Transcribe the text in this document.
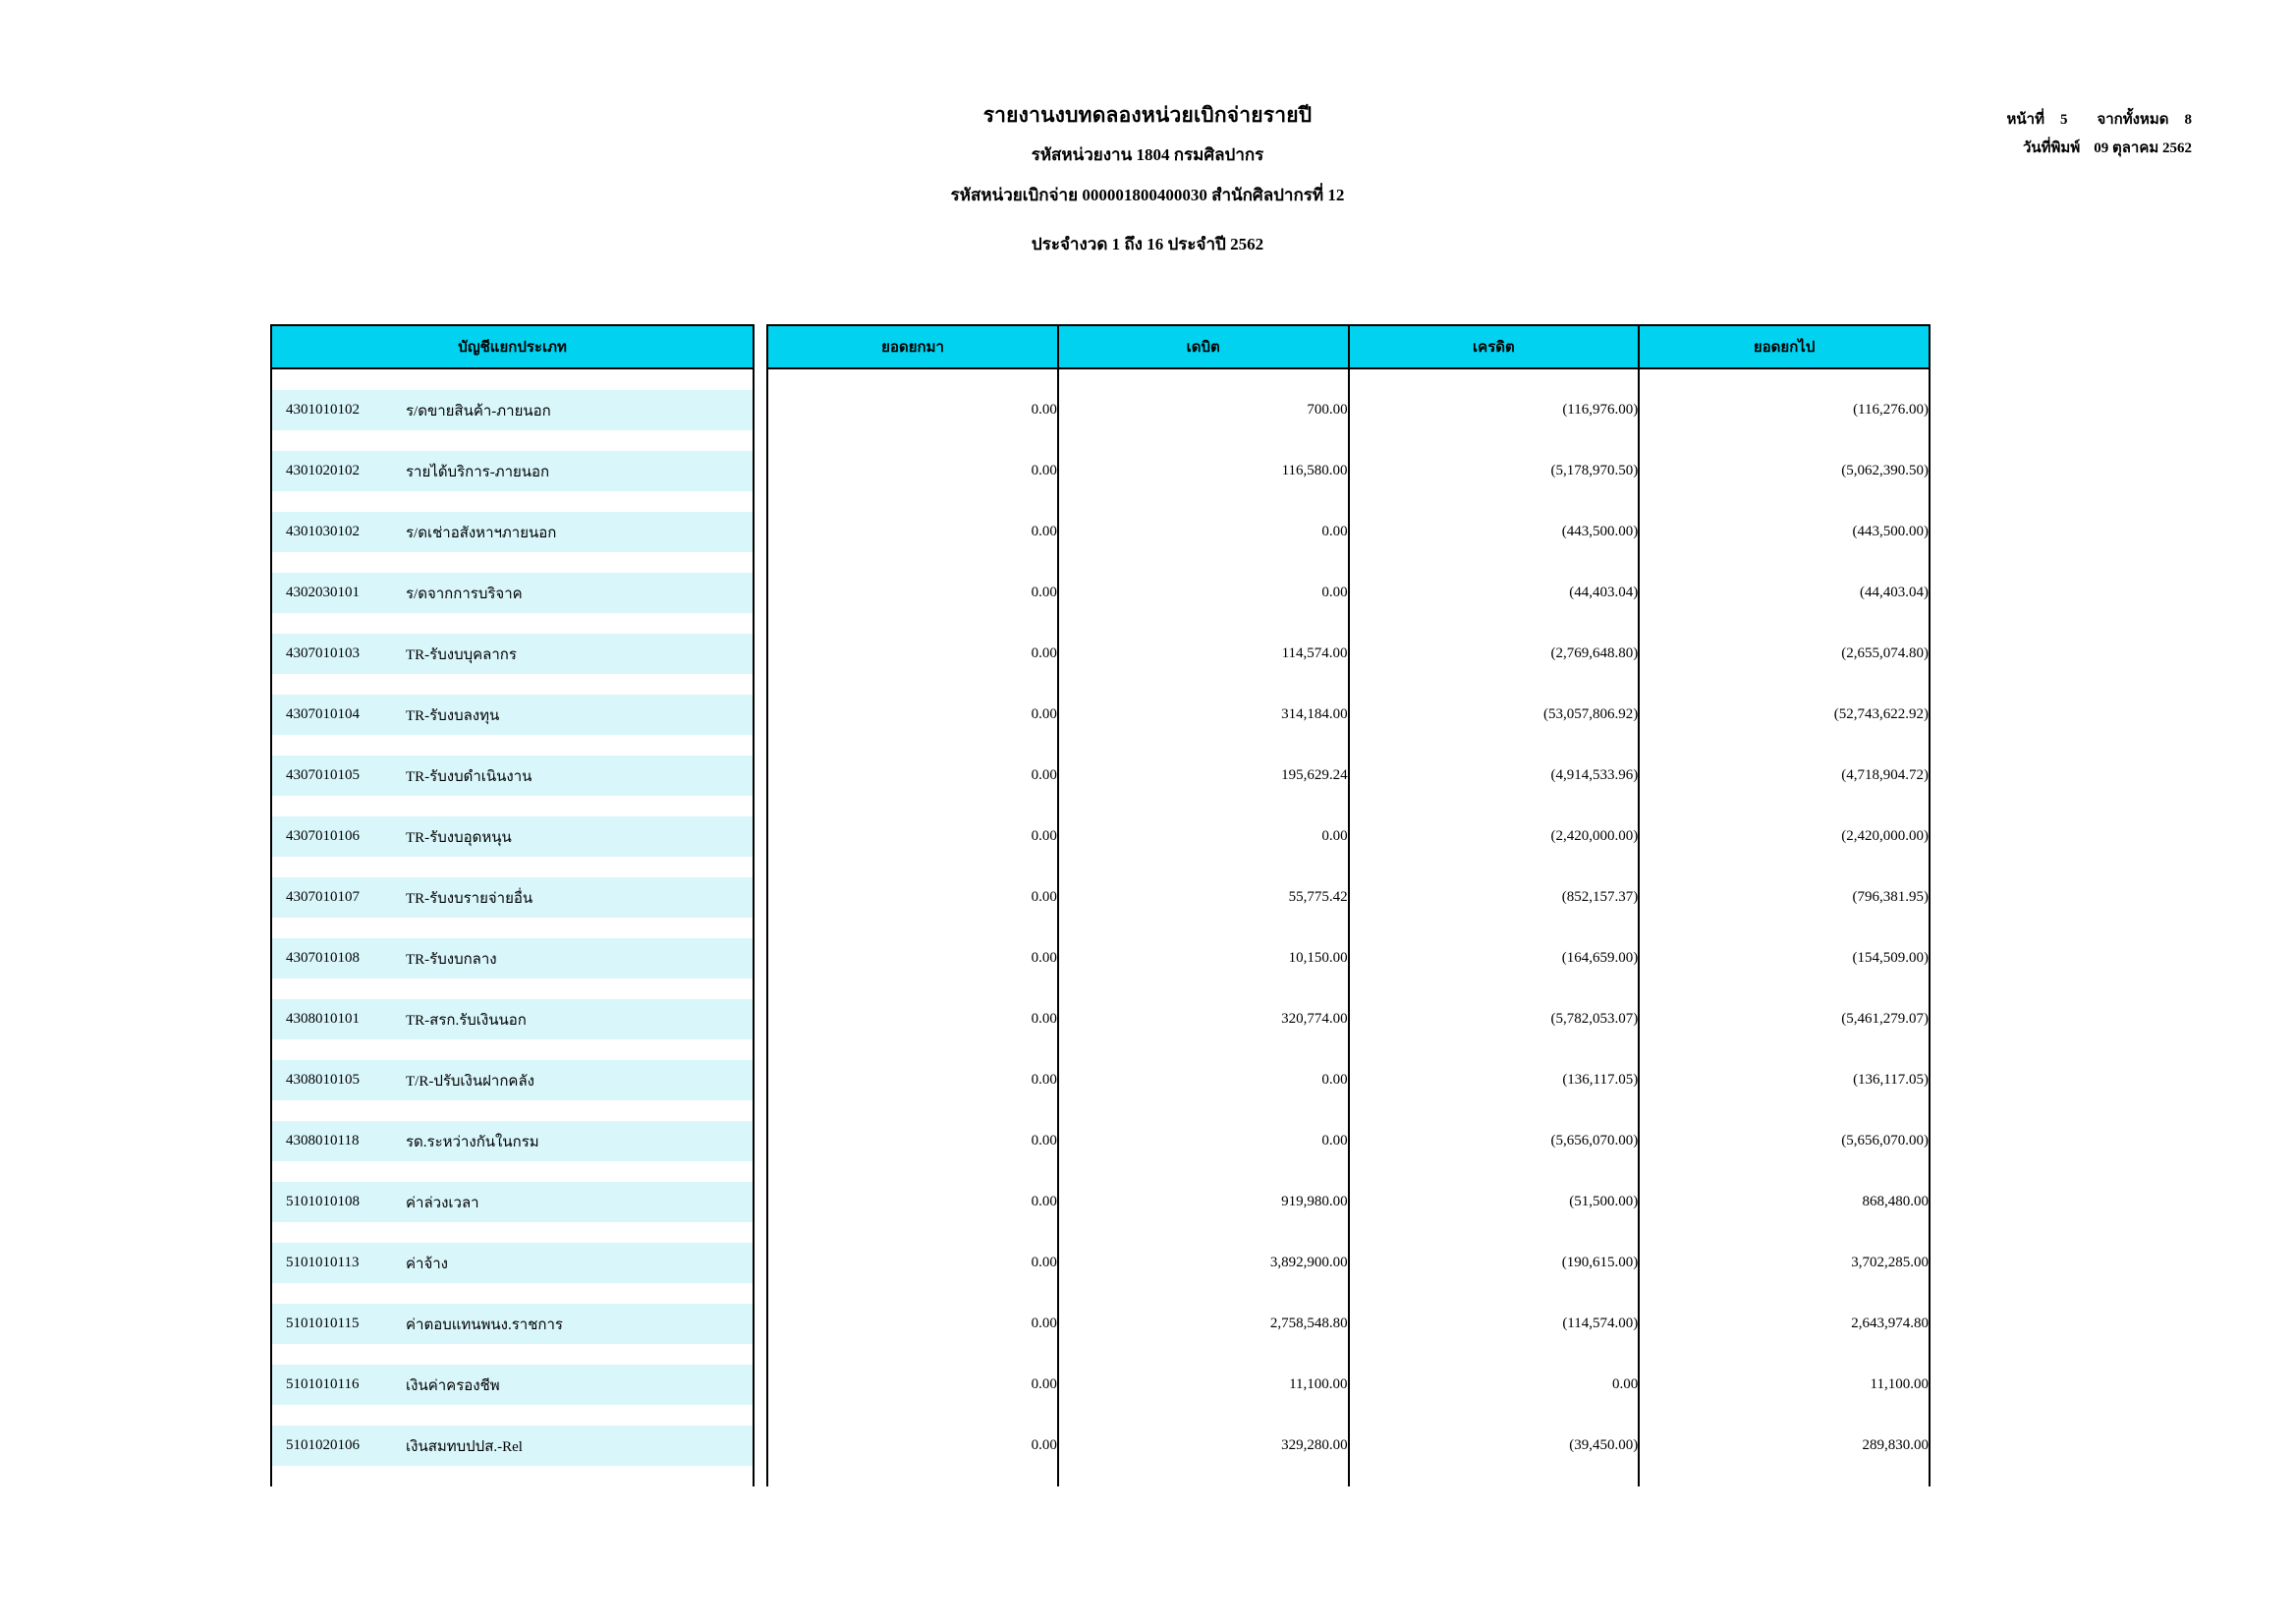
รายงานงบทดลองหน่วยเบิกจ่ายรายปี
รหัสหน่วยงาน 1804 กรมศิลปากร
รหัสหน่วยเบิกจ่าย 000001800400030 สำนักศิลปากรที่ 12
ประจำงวด 1 ถึง 16 ประจำปี 2562
หน้าที่ 5 จากทั้งหมด 8
วันที่พิมพ์ 09 ตุลาคม 2562
บัญชีแยกประเภท		ยอดยกมา	เดบิต	เครดิต	ยอดยกไป

4301010102 ร/ดขายสินค้า-ภายนอก		0.00	700.00	(116,976.00)	(116,276.00)

4301020102 รายได้บริการ-ภายนอก		0.00	116,580.00	(5,178,970.50)	(5,062,390.50)

4301030102 ร/ดเช่าอสังหาฯภายนอก		0.00	0.00	(443,500.00)	(443,500.00)

4302030101 ร/ดจากการบริจาค		0.00	0.00	(44,403.04)	(44,403.04)

4307010103 TR-รับงบบุคลากร		0.00	114,574.00	(2,769,648.80)	(2,655,074.80)

4307010104 TR-รับงบลงทุน		0.00	314,184.00	(53,057,806.92)	(52,743,622.92)

4307010105 TR-รับงบดำเนินงาน		0.00	195,629.24	(4,914,533.96)	(4,718,904.72)

4307010106 TR-รับงบอุดหนุน		0.00	0.00	(2,420,000.00)	(2,420,000.00)

4307010107 TR-รับงบรายจ่ายอื่น		0.00	55,775.42	(852,157.37)	(796,381.95)

4307010108 TR-รับงบกลาง		0.00	10,150.00	(164,659.00)	(154,509.00)

4308010101 TR-สรก.รับเงินนอก		0.00	320,774.00	(5,782,053.07)	(5,461,279.07)

4308010105 T/R-ปรับเงินฝากคลัง		0.00	0.00	(136,117.05)	(136,117.05)

4308010118 รด.ระหว่างกันในกรม		0.00	0.00	(5,656,070.00)	(5,656,070.00)

5101010108 ค่าล่วงเวลา		0.00	919,980.00	(51,500.00)	868,480.00

5101010113 ค่าจ้าง		0.00	3,892,900.00	(190,615.00)	3,702,285.00

5101010115 ค่าตอบแทนพนง.ราชการ		0.00	2,758,548.80	(114,574.00)	2,643,974.80

5101010116 เงินค่าครองชีพ		0.00	11,100.00	0.00	11,100.00

5101020106 เงินสมทบปปส.-Rel		0.00	329,280.00	(39,450.00)	289,830.00
